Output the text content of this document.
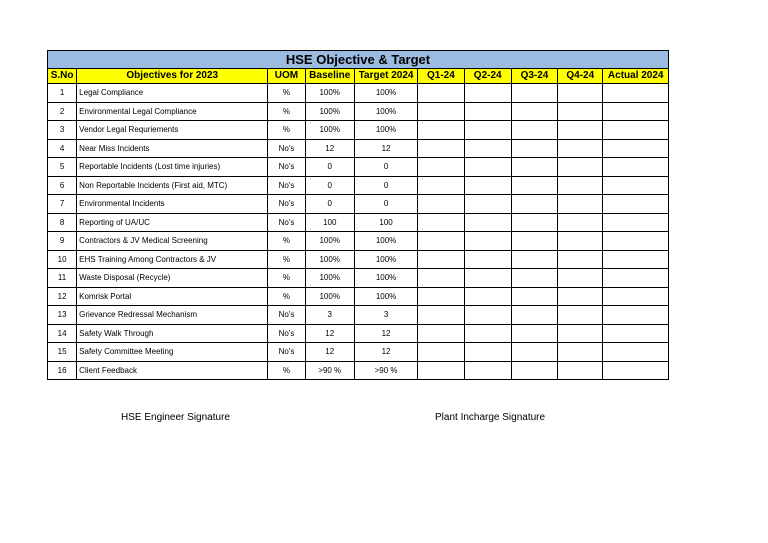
HSE Objective & Target									
S.No	Objectives for 2023	UOM	Baseline	Target 2024	Q1-24	Q2-24	Q3-24	Q4-24	Actual 2024
1	Legal Compliance	%	100%	100%					
2	Environmental Legal Compliance	%	100%	100%					
3	Vendor Legal Requriements	%	100%	100%					
4	Near Miss Incidents	No's	12	12					
5	Reportable Incidents (Lost time injuries)	No's	0	0					
6	Non Reportable Incidents (First aid, MTC)	No's	0	0					
7	Environmental Incidents	No's	0	0					
8	Reporting of UA/UC	No's	100	100					
9	Contractors & JV Medical Screening	%	100%	100%					
10	EHS Training Among Contractors & JV	%	100%	100%					
11	Waste Disposal (Recycle)	%	100%	100%					
12	Komrisk Portal	%	100%	100%					
13	Grievance Redressal Mechanism	No's	3	3					
14	Safety Walk Through	No's	12	12					
15	Safety Committee Meeting	No's	12	12					
16	Client Feedback	%	>90 %	>90 %					
HSE Engineer Signature	Plant Incharge Signature
